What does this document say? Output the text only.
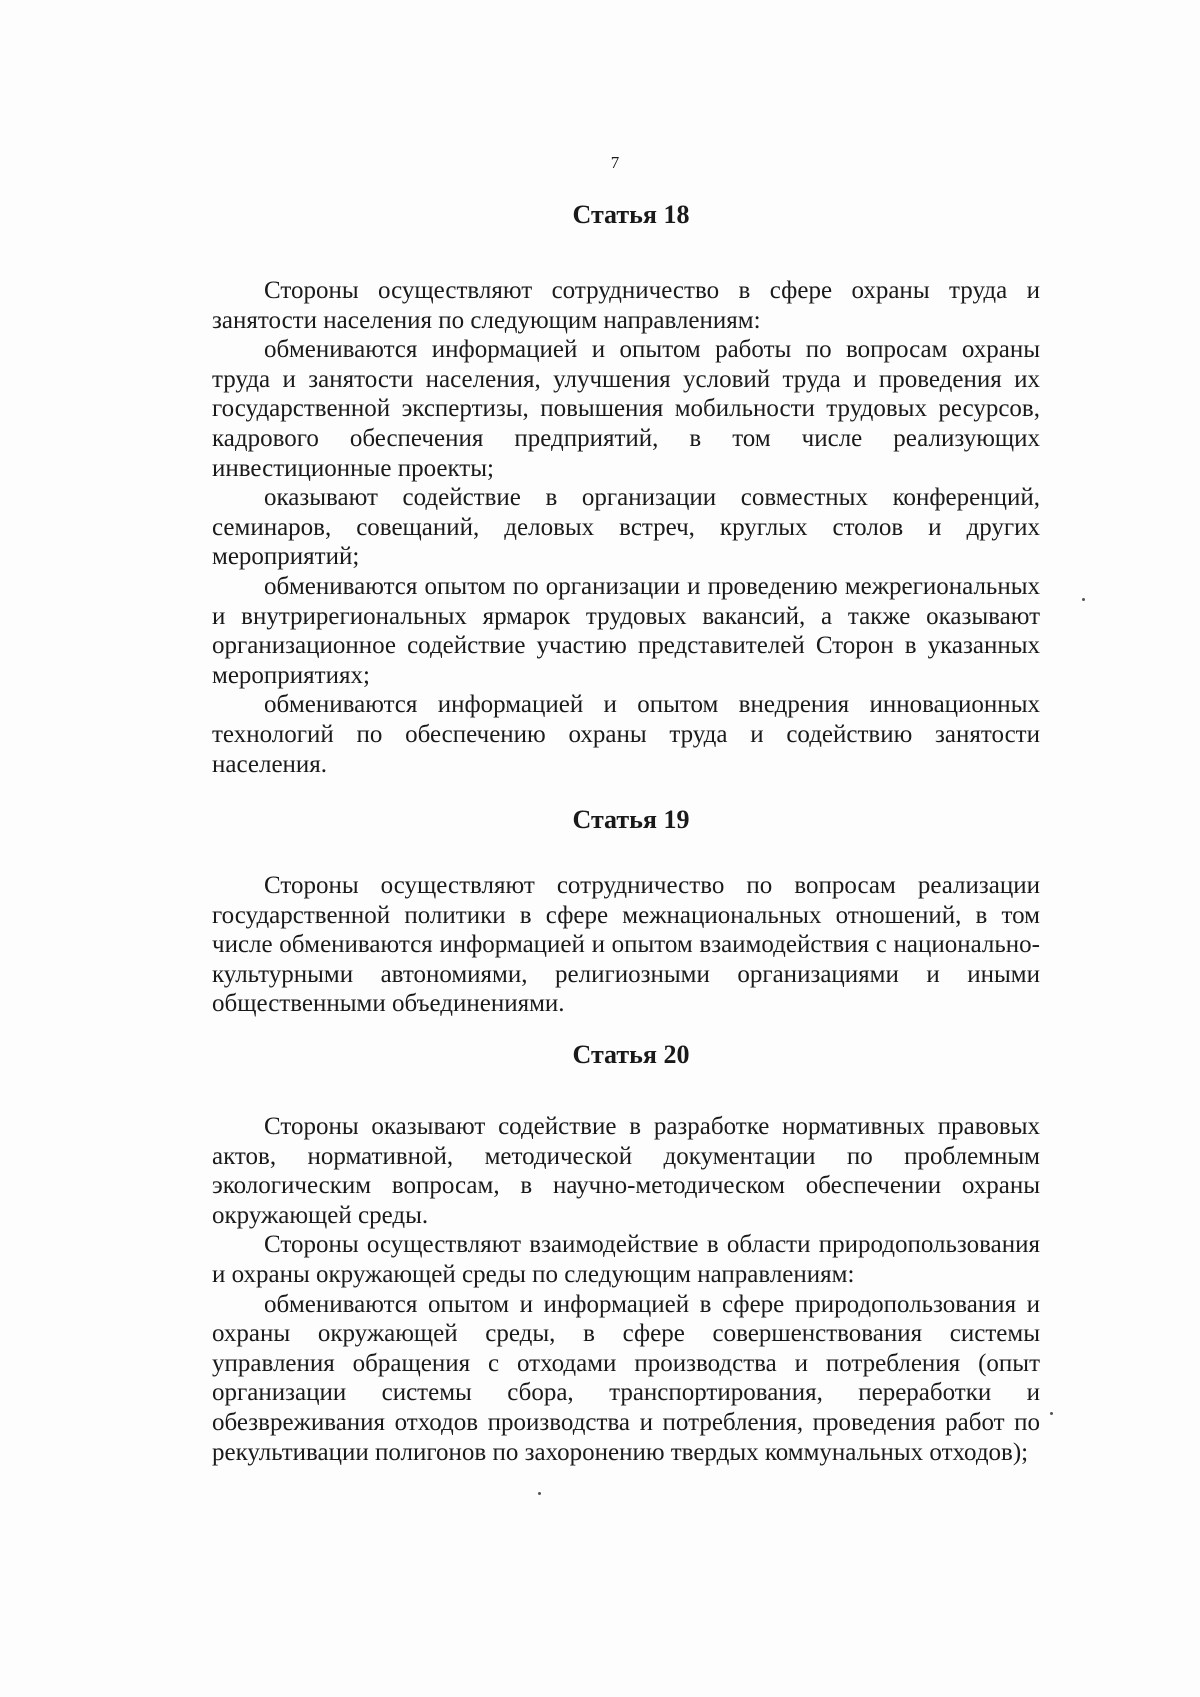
7
Статья 18

Стороны осуществляют сотрудничество в сфере охраны труда и занятости населения по следующим направлениям:

обмениваются информацией и опытом работы по вопросам охраны труда и занятости населения, улучшения условий труда и проведения их государственной экспертизы, повышения мобильности трудовых ресурсов, кадрового обеспечения предприятий, в том числе реализующих инвестиционные проекты;

оказывают содействие в организации совместных конференций, семинаров, совещаний, деловых встреч, круглых столов и других мероприятий;

обмениваются опытом по организации и проведению межрегиональных и внутрирегиональных ярмарок трудовых вакансий, а также оказывают организационное содействие участию представителей Сторон в указанных мероприятиях;

обмениваются информацией и опытом внедрения инновационных технологий по обеспечению охраны труда и содействию занятости населения.

Статья 19

Стороны осуществляют сотрудничество по вопросам реализации государственной политики в сфере межнациональных отношений, в том числе обмениваются информацией и опытом взаимодействия с национально-культурными автономиями, религиозными организациями и иными общественными объединениями.

Статья 20

Стороны оказывают содействие в разработке нормативных правовых актов, нормативной, методической документации по проблемным экологическим вопросам, в научно-методическом обеспечении охраны окружающей среды.

Стороны осуществляют взаимодействие в области природопользования и охраны окружающей среды по следующим направлениям:

обмениваются опытом и информацией в сфере природопользования и охраны окружающей среды, в сфере совершенствования системы управления обращения с отходами производства и потребления (опыт организации системы сбора, транспортирования, переработки и обезвреживания отходов производства и потребления, проведения работ по рекультивации полигонов по захоронению твердых коммунальных отходов);
